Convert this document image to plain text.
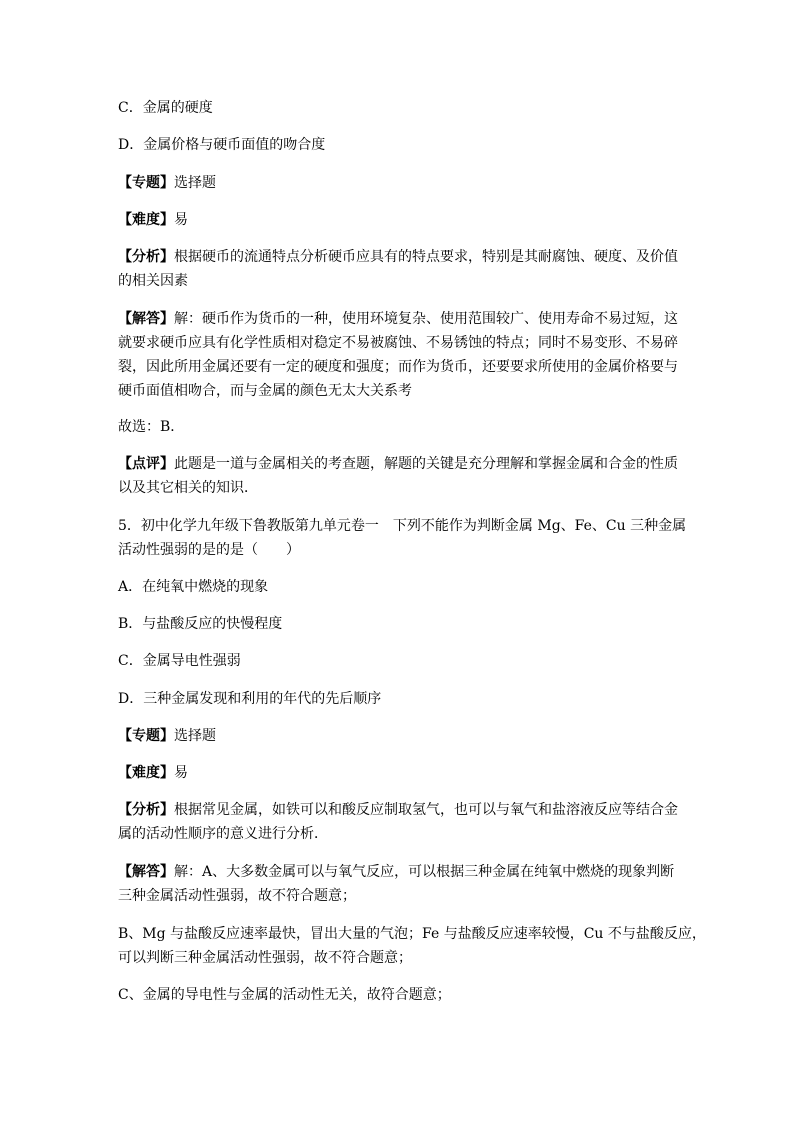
C．金属的硬度

D．金属价格与硬币面值的吻合度

【专题】选择题

【难度】易

【分析】根据硬币的流通特点分析硬币应具有的特点要求，特别是其耐腐蚀、硬度、及价值
的相关因素

【解答】解：硬币作为货币的一种，使用环境复杂、使用范围较广、使用寿命不易过短，这
就要求硬币应具有化学性质相对稳定不易被腐蚀、不易锈蚀的特点；同时不易变形、不易碎
裂，因此所用金属还要有一定的硬度和强度；而作为货币，还要要求所使用的金属价格要与
硬币面值相吻合，而与金属的颜色无太大关系考

故选：B．

【点评】此题是一道与金属相关的考查题，解题的关键是充分理解和掌握金属和合金的性质
以及其它相关的知识．

5．初中化学九年级下鲁教版第九单元卷一　下列不能作为判断金属 Mg、Fe、Cu 三种金属
活动性强弱的是的是（　　）

A．在纯氧中燃烧的现象

B．与盐酸反应的快慢程度

C．金属导电性强弱

D．三种金属发现和利用的年代的先后顺序

【专题】选择题

【难度】易

【分析】根据常见金属，如铁可以和酸反应制取氢气，也可以与氧气和盐溶液反应等结合金
属的活动性顺序的意义进行分析．

【解答】解：A、大多数金属可以与氧气反应，可以根据三种金属在纯氧中燃烧的现象判断
三种金属活动性强弱，故不符合题意；

B、Mg 与盐酸反应速率最快，冒出大量的气泡；Fe 与盐酸反应速率较慢，Cu 不与盐酸反应，
可以判断三种金属活动性强弱，故不符合题意；

C、金属的导电性与金属的活动性无关，故符合题意；
